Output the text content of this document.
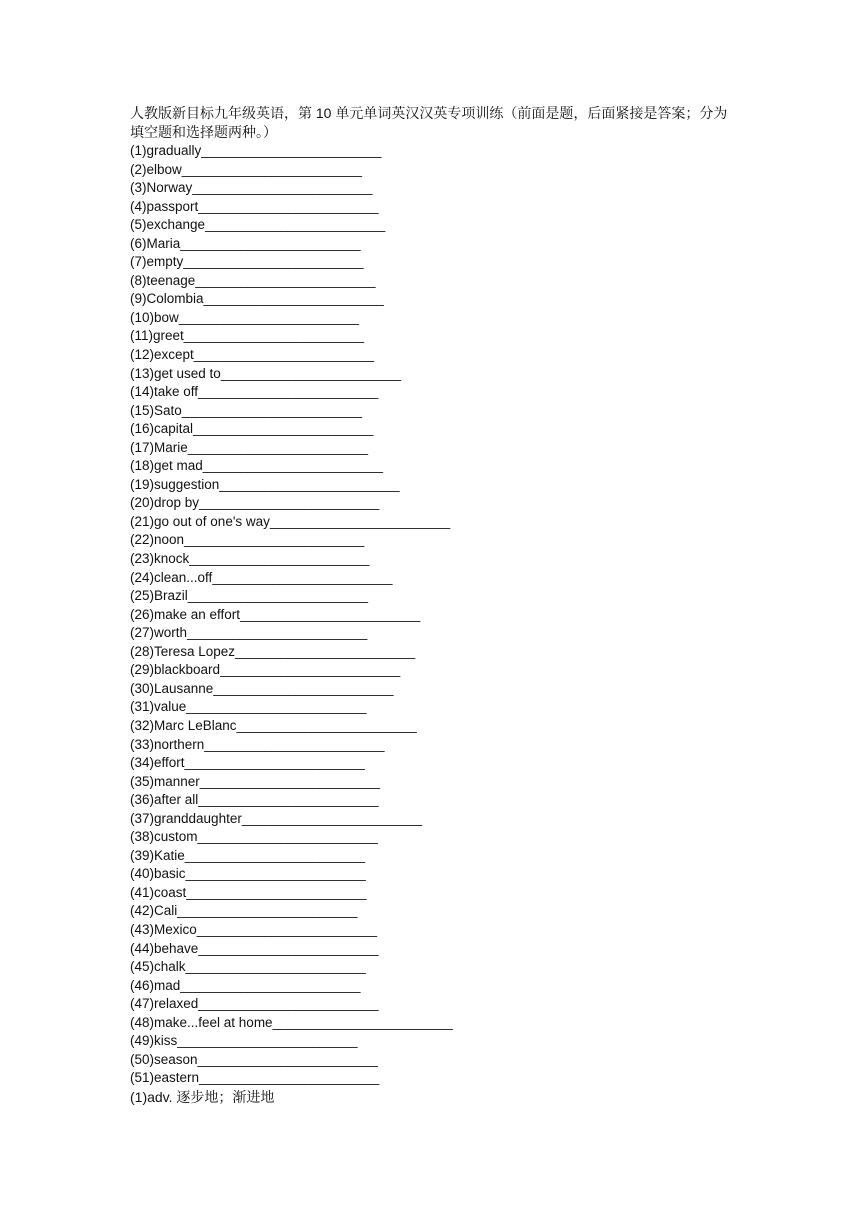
人教版新目标九年级英语，第 10 单元单词英汉汉英专项训练（前面是题，后面紧接是答案；分为填空题和选择题两种。）

(1)gradually________________________
(2)elbow________________________
(3)Norway________________________
(4)passport________________________
(5)exchange________________________
(6)Maria________________________
(7)empty________________________
(8)teenage________________________
(9)Colombia________________________
(10)bow________________________
(11)greet________________________
(12)except________________________
(13)get used to________________________
(14)take off________________________
(15)Sato________________________
(16)capital________________________
(17)Marie________________________
(18)get mad________________________
(19)suggestion________________________
(20)drop by________________________
(21)go out of one's way________________________
(22)noon________________________
(23)knock________________________
(24)clean...off________________________
(25)Brazil________________________
(26)make an effort________________________
(27)worth________________________
(28)Teresa Lopez________________________
(29)blackboard________________________
(30)Lausanne________________________
(31)value________________________
(32)Marc LeBlanc________________________
(33)northern________________________
(34)effort________________________
(35)manner________________________
(36)after all________________________
(37)granddaughter________________________
(38)custom________________________
(39)Katie________________________
(40)basic________________________
(41)coast________________________
(42)Cali________________________
(43)Mexico________________________
(44)behave________________________
(45)chalk________________________
(46)mad________________________
(47)relaxed________________________
(48)make...feel at home________________________
(49)kiss________________________
(50)season________________________
(51)eastern________________________
(1)adv. 逐步地；渐进地
